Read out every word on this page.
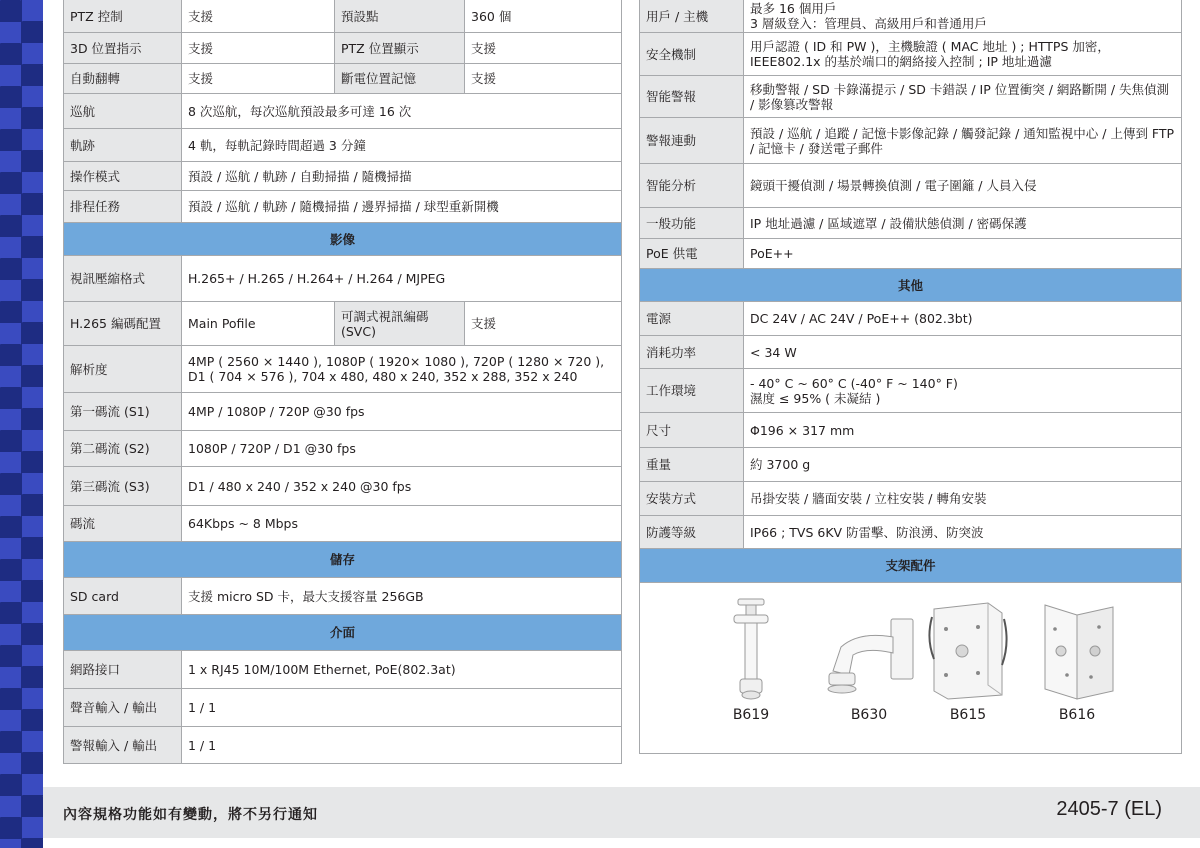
PTZ 控制	支援	預設點	360 個
3D 位置指示	支援	PTZ 位置顯示	支援
自動翻轉	支援	斷電位置記憶	支援
巡航	8 次巡航，每次巡航預設最多可達 16 次		
軌跡	4 軌，每軌記錄時間超過 3 分鐘		
操作模式	預設 / 巡航 / 軌跡 / 自動掃描 / 隨機掃描		
排程任務	預設 / 巡航 / 軌跡 / 隨機掃描 / 邊界掃描 / 球型重新開機		
影像			
視訊壓縮格式	H.265+ / H.265 / H.264+ / H.264 / MJPEG		
H.265 編碼配置	Main Pofile	可調式視訊編碼 (SVC)	支援
解析度	4MP ( 2560 × 1440 ), 1080P ( 1920× 1080 ), 720P ( 1280 × 720 ), D1 ( 704 × 576 ), 704 x 480, 480 x 240, 352 x 288, 352 x 240		
第一碼流 (S1)	4MP / 1080P / 720P @30 fps		
第二碼流 (S2)	1080P / 720P / D1 @30 fps		
第三碼流 (S3)	D1 / 480 x 240 / 352 x 240 @30 fps		
碼流	64Kbps ~ 8 Mbps		
儲存			
SD card	支援 micro SD 卡，最大支援容量 256GB		
介面			
網路接口	1 x RJ45 10M/100M Ethernet, PoE(802.3at)		
聲音輸入 / 輸出	1 / 1		
警報輸入 / 輸出	1 / 1		
用戶 / 主機	最多 16 個用戶
3 層級登入：管理員、高級用戶和普通用戶
安全機制	用戶認證 ( ID 和 PW )，主機驗證 ( MAC 地址 ) ; HTTPS 加密，IEEE802.1x 的基於端口的網絡接入控制 ; IP 地址過濾
智能警報	移動警報 / SD 卡錄滿提示 / SD 卡錯誤 / IP 位置衝突 / 網路斷開 / 失焦偵測 / 影像篡改警報
警報連動	預設 / 巡航 / 追蹤 / 記憶卡影像記錄 / 觸發記錄 / 通知監視中心 / 上傳到 FTP / 記憶卡 / 發送電子郵件
智能分析	鏡頭干擾偵測 / 場景轉換偵測 / 電子圍籬 / 人員入侵
一般功能	IP 地址過濾 / 區域遮罩 / 設備狀態偵測 / 密碼保護
PoE 供電	PoE++
其他	
電源	DC 24V / AC 24V / PoE++ (802.3bt)
消耗功率	< 34 W
工作環境	- 40° C ~ 60° C (-40° F ~ 140° F)
濕度 ≤ 95% ( 未凝結 )
尺寸	Φ196 × 317 mm
重量	約 3700 g
安裝方式	吊掛安裝 / 牆面安裝 / 立柱安裝 / 轉角安裝
防護等級	IP66 ; TVS 6KV 防雷擊、防浪湧、防突波
支架配件	

B619 B630 B615 B616	
內容規格功能如有變動，將不另行通知	2405-7 (EL)
